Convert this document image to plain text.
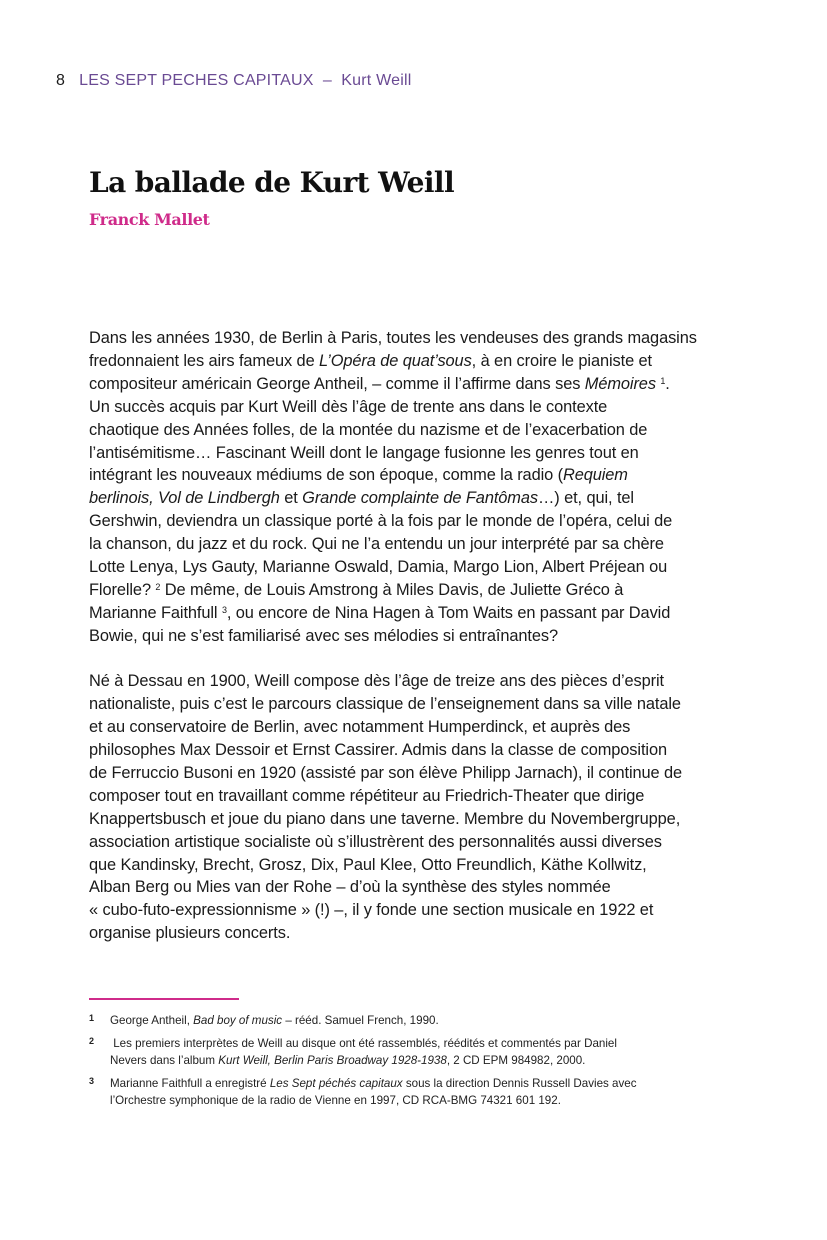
8 LES SEPT PECHES CAPITAUX  –  Kurt Weill
La ballade de Kurt Weill
Franck Mallet
Dans les années 1930, de Berlin à Paris, toutes les vendeuses des grands magasins
fredonnaient les airs fameux de L’Opéra de quat’sous, à en croire le pianiste et
compositeur américain George Antheil, – comme il l’affirme dans ses Mémoires $^1$.
Un succès acquis par Kurt Weill dès l’âge de trente ans dans le contexte
chaotique des Années folles, de la montée du nazisme et de l’exacerbation de
l’antisémitisme… Fascinant Weill dont le langage fusionne les genres tout en
intégrant les nouveaux médiums de son époque, comme la radio (Requiem
berlinois, Vol de Lindbergh et Grande complainte de Fantômas…) et, qui, tel
Gershwin, deviendra un classique porté à la fois par le monde de l’opéra, celui de
la chanson, du jazz et du rock. Qui ne l’a entendu un jour interprété par sa chère
Lotte Lenya, Lys Gauty, Marianne Oswald, Damia, Margo Lion, Albert Préjean ou
Florelle? $^2$ De même, de Louis Amstrong à Miles Davis, de Juliette Gréco à
Marianne Faithfull $^3$, ou encore de Nina Hagen à Tom Waits en passant par David
Bowie, qui ne s’est familiarisé avec ses mélodies si entraînantes?
Né à Dessau en 1900, Weill compose dès l’âge de treize ans des pièces d’esprit
nationaliste, puis c’est le parcours classique de l’enseignement dans sa ville natale
et au conservatoire de Berlin, avec notamment Humperdinck, et auprès des
philosophes Max Dessoir et Ernst Cassirer. Admis dans la classe de composition
de Ferruccio Busoni en 1920 (assisté par son élève Philipp Jarnach), il continue de
composer tout en travaillant comme répétiteur au Friedrich-Theater que dirige
Knappertsbusch et joue du piano dans une taverne. Membre du Novembergruppe,
association artistique socialiste où s’illustrèrent des personnalités aussi diverses
que Kandinsky, Brecht, Grosz, Dix, Paul Klee, Otto Freundlich, Käthe Kollwitz,
Alban Berg ou Mies van der Rohe – d’où la synthèse des styles nommée
« cubo-futo-expressionnisme » (!) –, il y fonde une section musicale en 1922 et
organise plusieurs concerts.
1 George Antheil, Bad boy of music – rééd. Samuel French, 1990.
2 Les premiers interprètes de Weill au disque ont été rassemblés, réédités et commentés par Daniel
Nevers dans l’album Kurt Weill, Berlin Paris Broadway 1928-1938, 2 CD EPM 984982, 2000.
3 Marianne Faithfull a enregistré Les Sept péchés capitaux sous la direction Dennis Russell Davies avec
l’Orchestre symphonique de la radio de Vienne en 1997, CD RCA-BMG 74321 601 192.
